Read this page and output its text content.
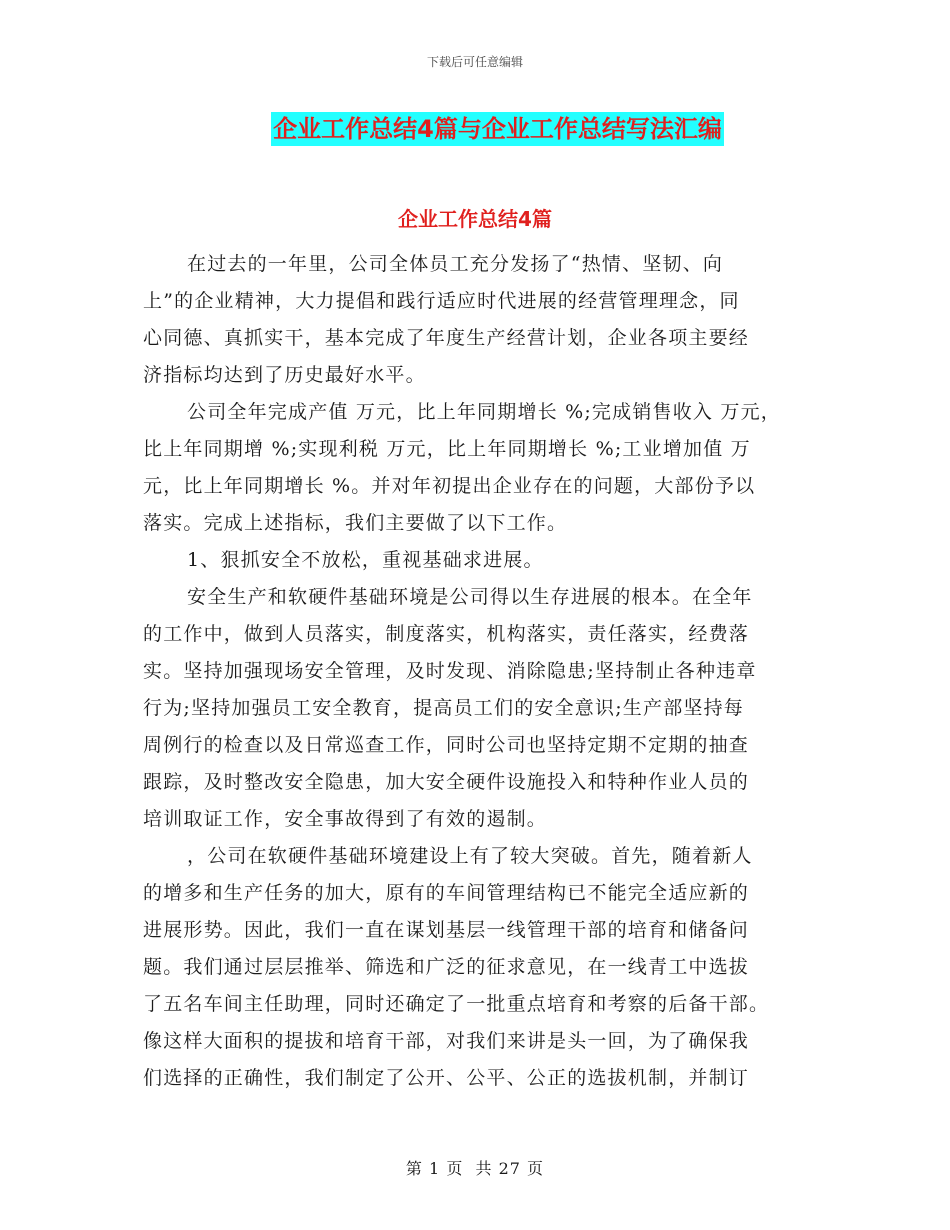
下载后可任意编辑
企业工作总结4篇与企业工作总结写法汇编
企业工作总结4篇
在过去的一年里，公司全体员工充分发扬了“热情、坚韧、向
上”的企业精神，大力提倡和践行适应时代进展的经营管理理念，同
心同德、真抓实干，基本完成了年度生产经营计划，企业各项主要经
济指标均达到了历史最好水平。
公司全年完成产值 万元，比上年同期增长 %;完成销售收入 万元，
比上年同期增 %;实现利税 万元，比上年同期增长 %;工业增加值 万
元，比上年同期增长 %。并对年初提出企业存在的问题，大部份予以
落实。完成上述指标，我们主要做了以下工作。
1、狠抓安全不放松，重视基础求进展。
安全生产和软硬件基础环境是公司得以生存进展的根本。在全年
的工作中，做到人员落实，制度落实，机构落实，责任落实，经费落
实。坚持加强现场安全管理，及时发现、消除隐患;坚持制止各种违章
行为;坚持加强员工安全教育，提高员工们的安全意识;生产部坚持每
周例行的检查以及日常巡查工作，同时公司也坚持定期不定期的抽查
跟踪，及时整改安全隐患，加大安全硬件设施投入和特种作业人员的
培训取证工作，安全事故得到了有效的遏制。
，公司在软硬件基础环境建设上有了较大突破。首先，随着新人
的增多和生产任务的加大，原有的车间管理结构已不能完全适应新的
进展形势。因此，我们一直在谋划基层一线管理干部的培育和储备问
题。我们通过层层推举、筛选和广泛的征求意见，在一线青工中选拔
了五名车间主任助理，同时还确定了一批重点培育和考察的后备干部。
像这样大面积的提拔和培育干部，对我们来讲是头一回，为了确保我
们选择的正确性，我们制定了公开、公平、公正的选拔机制，并制订
第 1 页  共 27 页
